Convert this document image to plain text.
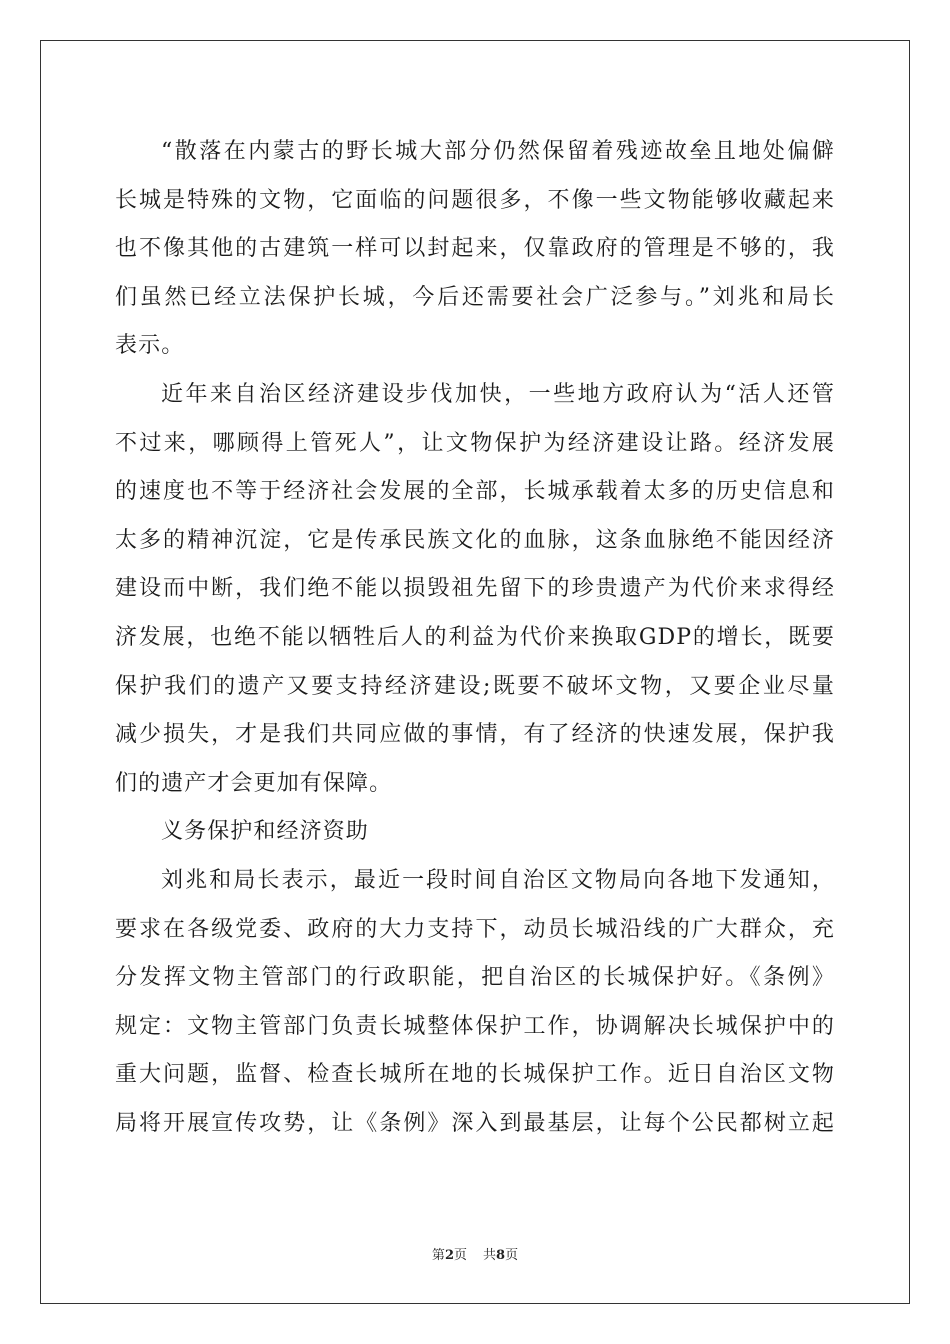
“散落在内蒙古的野长城大部分仍然保留着残迹故垒且地处偏僻
长城是特殊的文物，它面临的问题很多，不像一些文物能够收藏起来
也不像其他的古建筑一样可以封起来，仅靠政府的管理是不够的，我
们虽然已经立法保护长城，今后还需要社会广泛参与。”刘兆和局长
表示。
近年来自治区经济建设步伐加快，一些地方政府认为“活人还管
不过来，哪顾得上管死人”，让文物保护为经济建设让路。经济发展
的速度也不等于经济社会发展的全部，长城承载着太多的历史信息和
太多的精神沉淀，它是传承民族文化的血脉，这条血脉绝不能因经济
建设而中断，我们绝不能以损毁祖先留下的珍贵遗产为代价来求得经
济发展，也绝不能以牺牲后人的利益为代价来换取GDP的增长，既要
保护我们的遗产又要支持经济建设;既要不破坏文物，又要企业尽量
减少损失，才是我们共同应做的事情，有了经济的快速发展，保护我
们的遗产才会更加有保障。
义务保护和经济资助
刘兆和局长表示，最近一段时间自治区文物局向各地下发通知，
要求在各级党委、政府的大力支持下，动员长城沿线的广大群众，充
分发挥文物主管部门的行政职能，把自治区的长城保护好。《条例》
规定：文物主管部门负责长城整体保护工作，协调解决长城保护中的
重大问题，监督、检查长城所在地的长城保护工作。近日自治区文物
局将开展宣传攻势，让《条例》深入到最基层，让每个公民都树立起
第2页 共8页
